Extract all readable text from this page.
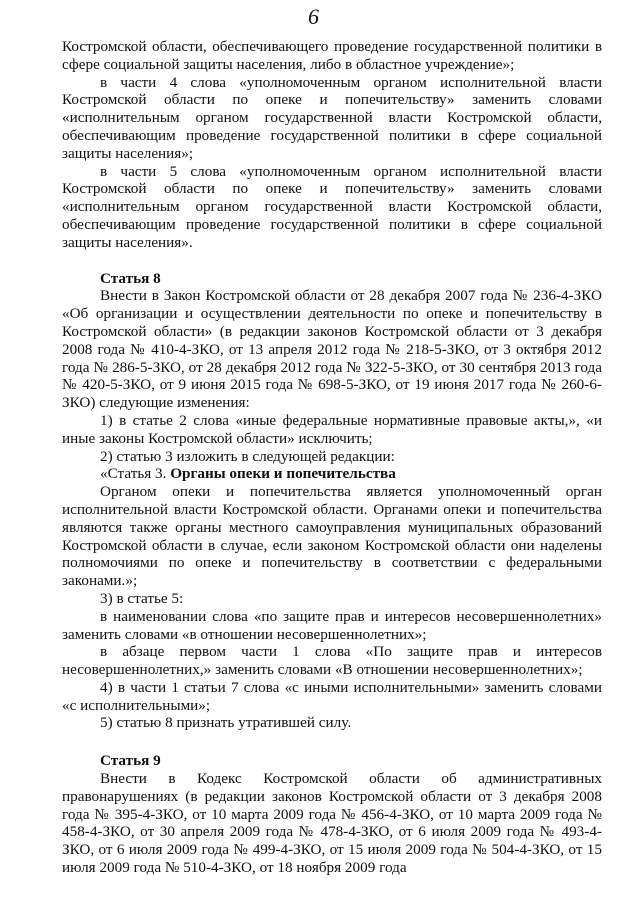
6

Костромской области, обеспечивающего проведение государственной политики в сфере социальной защиты населения, либо в областное учреждение»;

в части 4 слова «уполномоченным органом исполнительной власти Костромской области по опеке и попечительству» заменить словами «исполнительным органом государственной власти Костромской области, обеспечивающим проведение государственной политики в сфере социальной защиты населения»;

в части 5 слова «уполномоченным органом исполнительной власти Костромской области по опеке и попечительству» заменить словами «исполнительным органом государственной власти Костромской области, обеспечивающим проведение государственной политики в сфере социальной защиты населения».

Статья 8

Внести в Закон Костромской области от 28 декабря 2007 года № 236-4-ЗКО «Об организации и осуществлении деятельности по опеке и попечительству в Костромской области» (в редакции законов Костромской области от 3 декабря 2008 года № 410-4-ЗКО, от 13 апреля 2012 года № 218-5-ЗКО, от 3 октября 2012 года № 286-5-ЗКО, от 28 декабря 2012 года № 322-5-ЗКО, от 30 сентября 2013 года № 420-5-ЗКО, от 9 июня 2015 года № 698-5-ЗКО, от 19 июня 2017 года № 260-6-ЗКО) следующие изменения:

1) в статье 2 слова «иные федеральные нормативные правовые акты,», «и иные законы Костромской области» исключить;

2) статью 3 изложить в следующей редакции:

«Статья 3. Органы опеки и попечительства

Органом опеки и попечительства является уполномоченный орган исполнительной власти Костромской области. Органами опеки и попечительства являются также органы местного самоуправления муниципальных образований Костромской области в случае, если законом Костромской области они наделены полномочиями по опеке и попечительству в соответствии с федеральными законами.»;

3) в статье 5:

в наименовании слова «по защите прав и интересов несовершеннолетних» заменить словами «в отношении несовершеннолетних»;

в абзаце первом части 1 слова «По защите прав и интересов несовершеннолетних,» заменить словами «В отношении несовершеннолетних»;

4) в части 1 статьи 7 слова «с иными исполнительными» заменить словами «с исполнительными»;

5) статью 8 признать утратившей силу.

Статья 9

Внести в Кодекс Костромской области об административных правонарушениях (в редакции законов Костромской области от 3 декабря 2008 года № 395-4-ЗКО, от 10 марта 2009 года № 456-4-ЗКО, от 10 марта 2009 года № 458-4-ЗКО, от 30 апреля 2009 года № 478-4-ЗКО, от 6 июля 2009 года № 493-4-ЗКО, от 6 июля 2009 года № 499-4-ЗКО, от 15 июля 2009 года № 504-4-ЗКО, от 15 июля 2009 года № 510-4-ЗКО, от 18 ноября 2009 года
